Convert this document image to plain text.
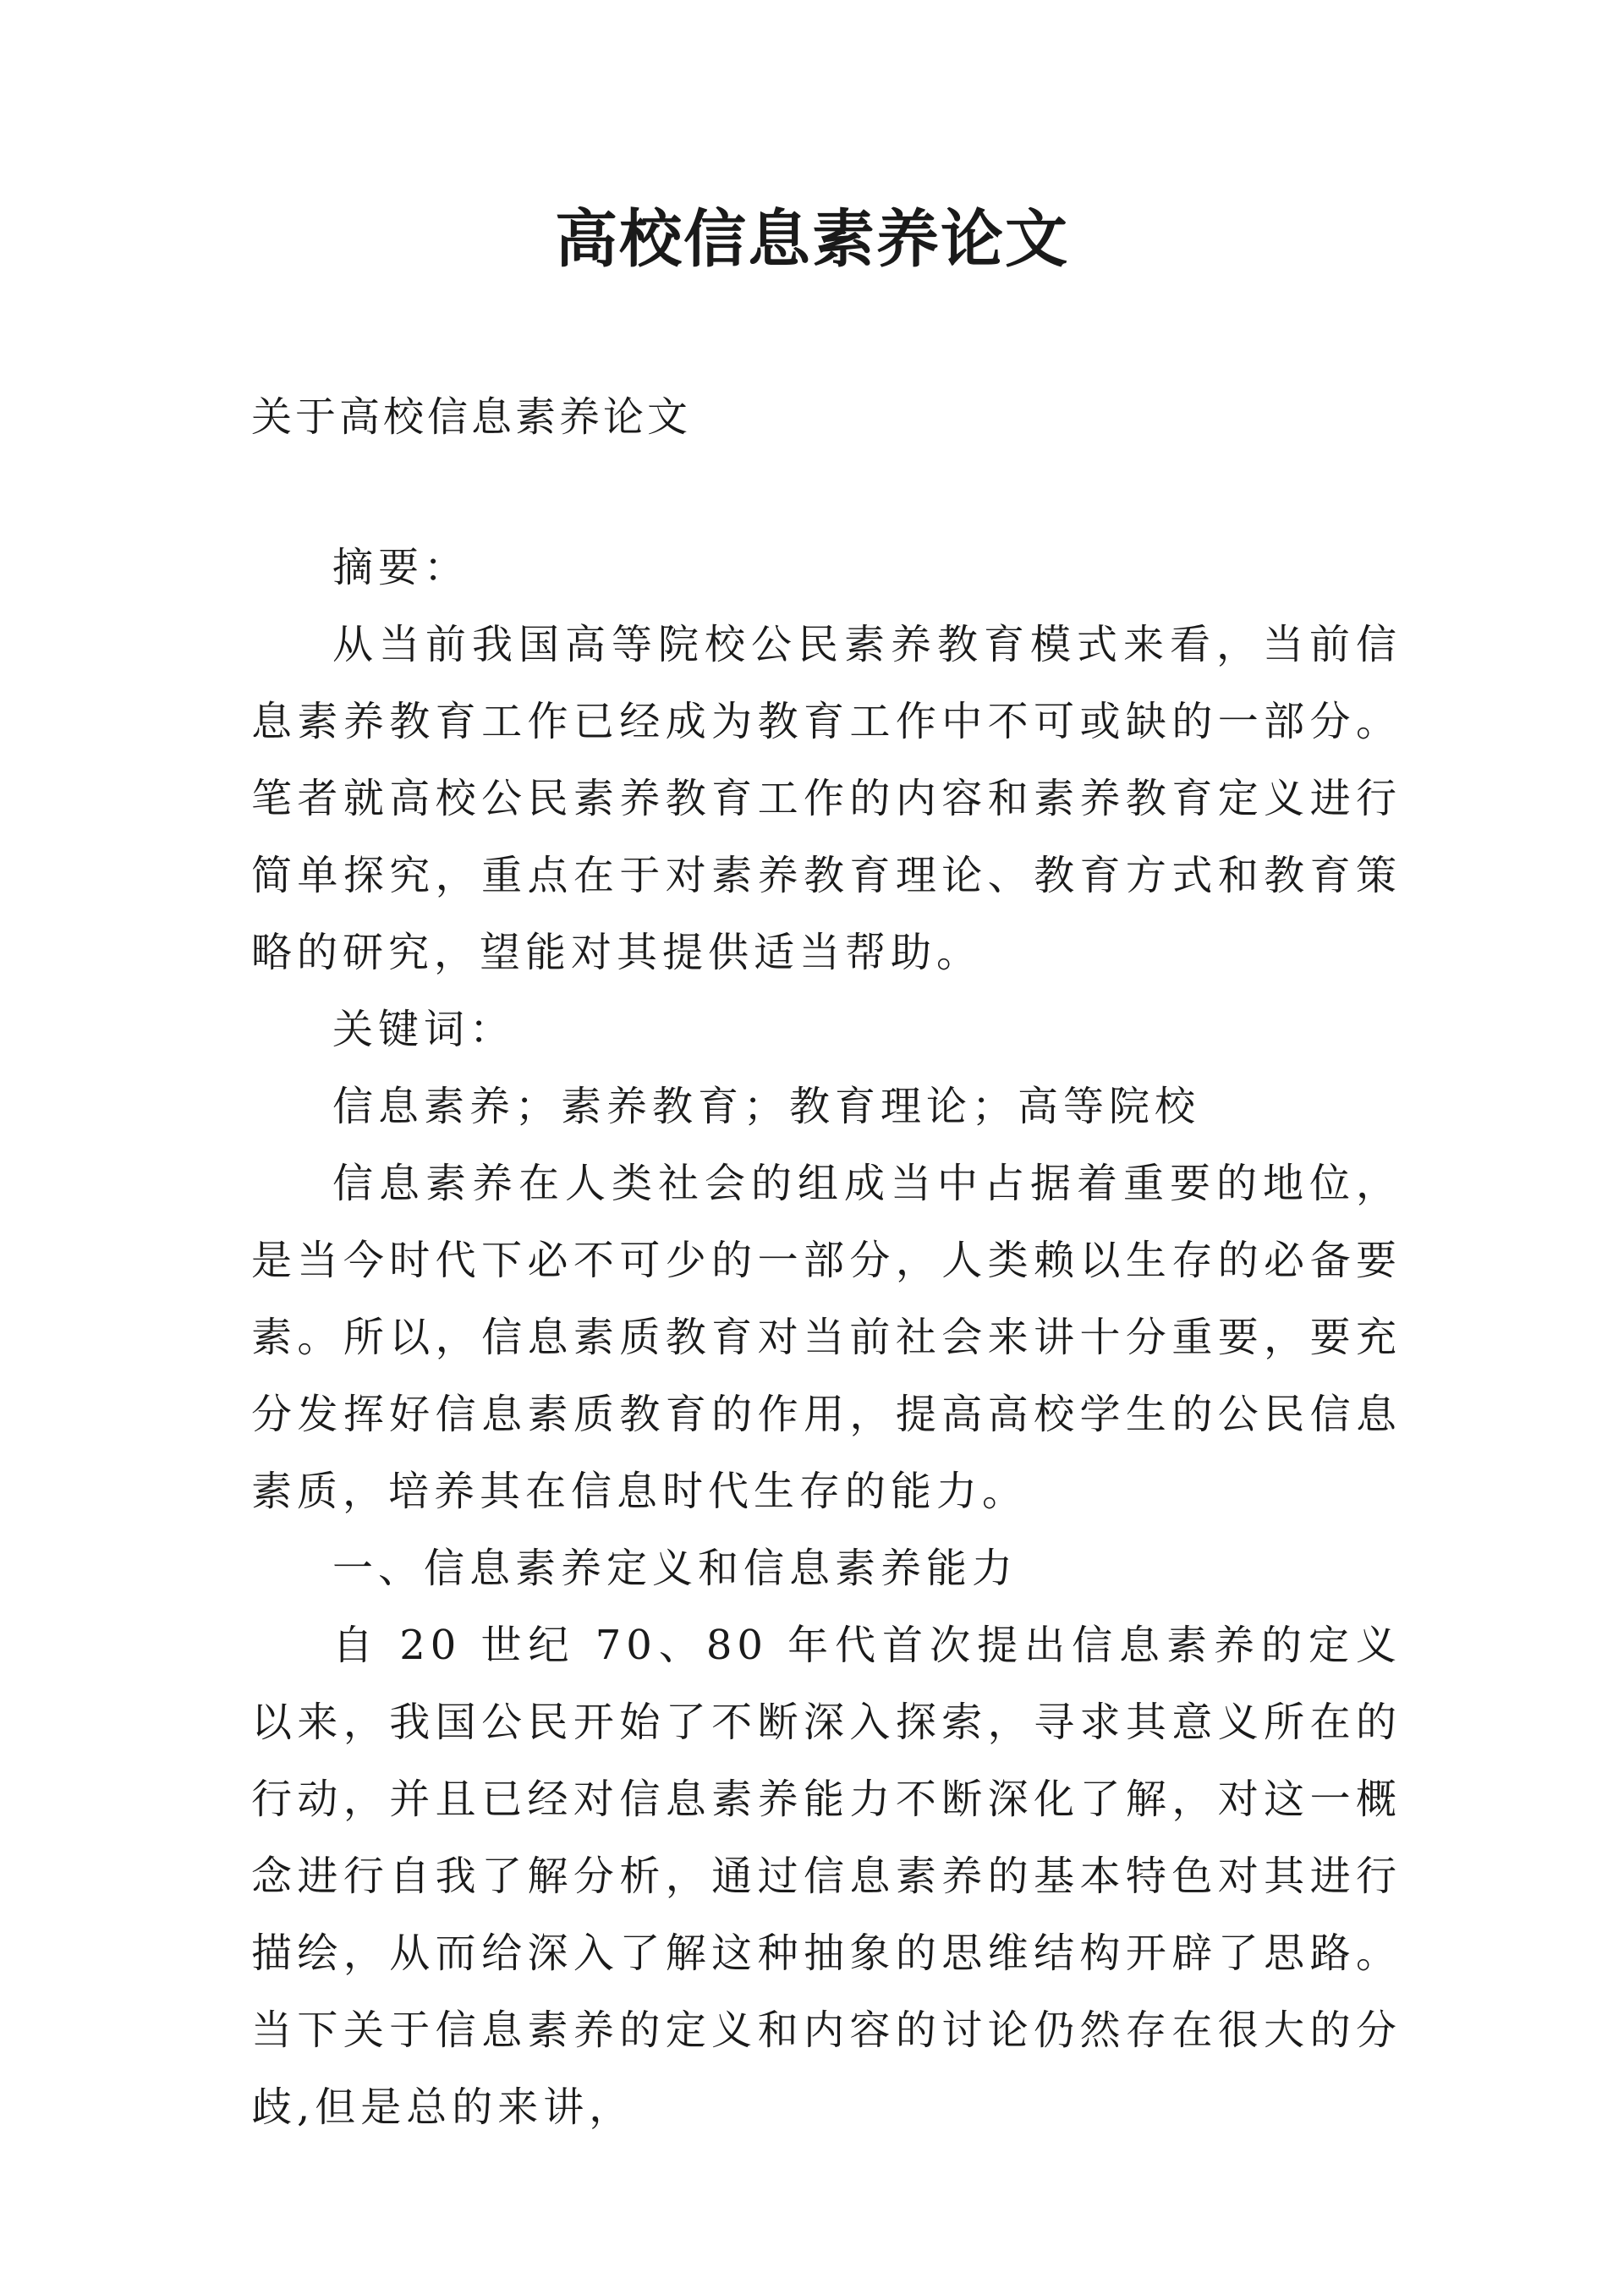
高校信息素养论文
关于高校信息素养论文

摘要：

从当前我国高等院校公民素养教育模式来看，当前信息素养教育工作已经成为教育工作中不可或缺的一部分。笔者就高校公民素养教育工作的内容和素养教育定义进行简单探究，重点在于对素养教育理论、教育方式和教育策略的研究，望能对其提供适当帮助。

关键词：

信息素养；素养教育；教育理论；高等院校

信息素养在人类社会的组成当中占据着重要的地位，是当今时代下必不可少的一部分，人类赖以生存的必备要素。所以，信息素质教育对当前社会来讲十分重要，要充分发挥好信息素质教育的作用，提高高校学生的公民信息素质，培养其在信息时代生存的能力。

一、信息素养定义和信息素养能力

自 20 世纪 70、80 年代首次提出信息素养的定义以来，我国公民开始了不断深入探索，寻求其意义所在的行动，并且已经对信息素养能力不断深化了解，对这一概念进行自我了解分析，通过信息素养的基本特色对其进行描绘，从而给深入了解这种抽象的思维结构开辟了思路。当下关于信息素养的定义和内容的讨论仍然存在很大的分歧,但是总的来讲，
